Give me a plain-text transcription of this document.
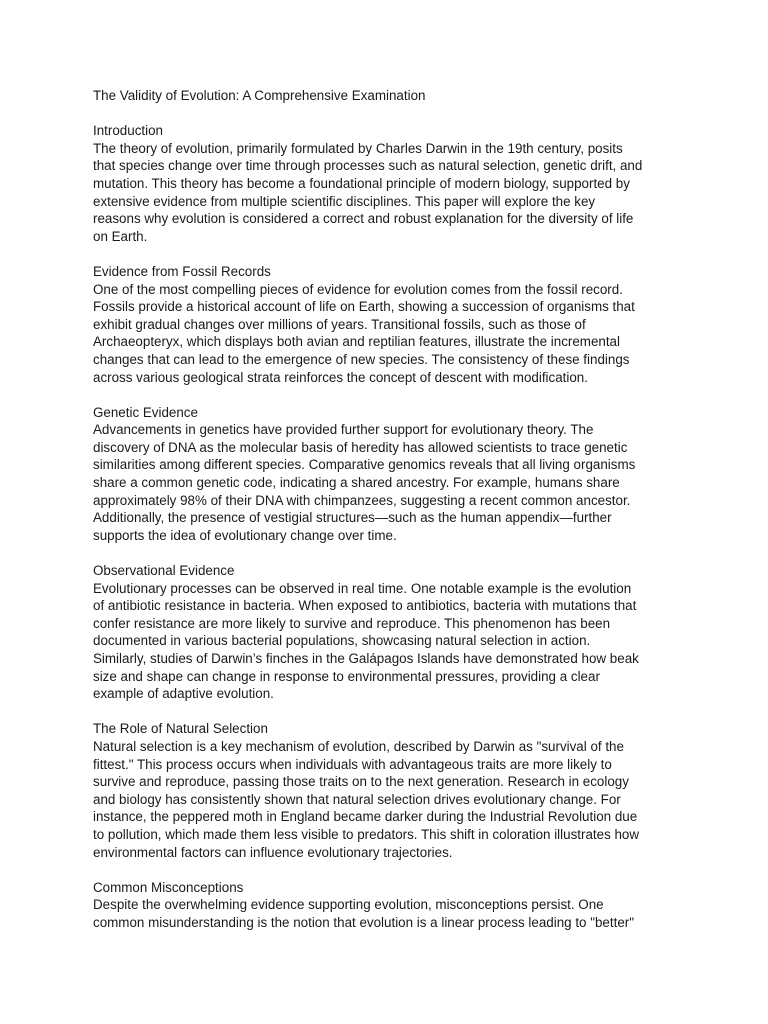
The Validity of Evolution: A Comprehensive Examination
Introduction
The theory of evolution, primarily formulated by Charles Darwin in the 19th century, posits
that species change over time through processes such as natural selection, genetic drift, and
mutation. This theory has become a foundational principle of modern biology, supported by
extensive evidence from multiple scientific disciplines. This paper will explore the key
reasons why evolution is considered a correct and robust explanation for the diversity of life
on Earth.
Evidence from Fossil Records
One of the most compelling pieces of evidence for evolution comes from the fossil record.
Fossils provide a historical account of life on Earth, showing a succession of organisms that
exhibit gradual changes over millions of years. Transitional fossils, such as those of
Archaeopteryx, which displays both avian and reptilian features, illustrate the incremental
changes that can lead to the emergence of new species. The consistency of these findings
across various geological strata reinforces the concept of descent with modification.
Genetic Evidence
Advancements in genetics have provided further support for evolutionary theory. The
discovery of DNA as the molecular basis of heredity has allowed scientists to trace genetic
similarities among different species. Comparative genomics reveals that all living organisms
share a common genetic code, indicating a shared ancestry. For example, humans share
approximately 98% of their DNA with chimpanzees, suggesting a recent common ancestor.
Additionally, the presence of vestigial structures—such as the human appendix—further
supports the idea of evolutionary change over time.
Observational Evidence
Evolutionary processes can be observed in real time. One notable example is the evolution
of antibiotic resistance in bacteria. When exposed to antibiotics, bacteria with mutations that
confer resistance are more likely to survive and reproduce. This phenomenon has been
documented in various bacterial populations, showcasing natural selection in action.
Similarly, studies of Darwin’s finches in the Galápagos Islands have demonstrated how beak
size and shape can change in response to environmental pressures, providing a clear
example of adaptive evolution.
The Role of Natural Selection
Natural selection is a key mechanism of evolution, described by Darwin as "survival of the
fittest." This process occurs when individuals with advantageous traits are more likely to
survive and reproduce, passing those traits on to the next generation. Research in ecology
and biology has consistently shown that natural selection drives evolutionary change. For
instance, the peppered moth in England became darker during the Industrial Revolution due
to pollution, which made them less visible to predators. This shift in coloration illustrates how
environmental factors can influence evolutionary trajectories.
Common Misconceptions
Despite the overwhelming evidence supporting evolution, misconceptions persist. One
common misunderstanding is the notion that evolution is a linear process leading to "better"
